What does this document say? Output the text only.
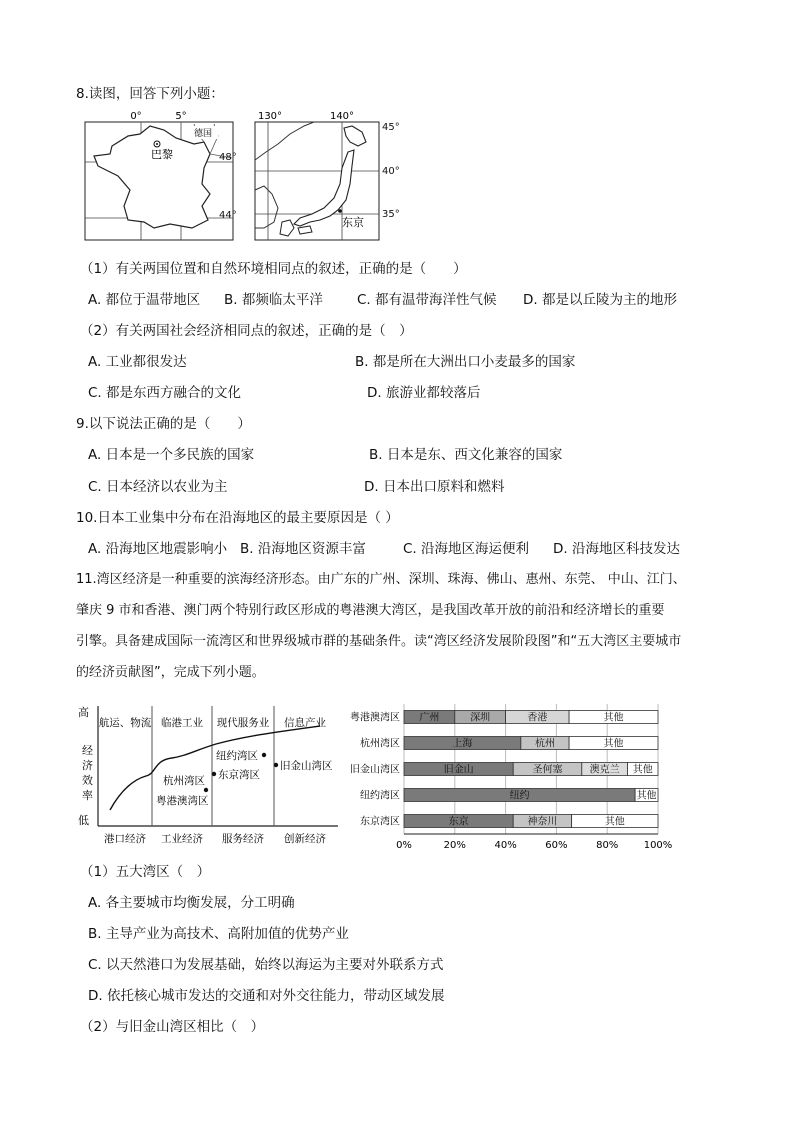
8.读图，回答下列小题：
0°	5°
巴黎
德国
48°
44°
东京
130°	140°
45°
40°
35°
（1）有关两国位置和自然环境相同点的叙述，正确的是（　　）
A. 都位于温带地区 B. 都频临太平洋	C. 都有温带海洋性气候 D. 都是以丘陵为主的地形
（2）有关两国社会经济相同点的叙述，正确的是（　）
A. 工业都很发达	B. 都是所在大洲出口小麦最多的国家
C. 都是东西方融合的文化	D. 旅游业都较落后
9.以下说法正确的是（　　）
A. 日本是一个多民族的国家	B. 日本是东、西文化兼容的国家
C. 日本经济以农业为主	D. 日本出口原料和燃料
10.日本工业集中分布在沿海地区的最主要原因是（ ）
A. 沿海地区地震影响小 B. 沿海地区资源丰富	C. 沿海地区海运便利 D. 沿海地区科技发达
11.湾区经济是一种重要的滨海经济形态。由广东的广州、深圳、珠海、佛山、惠州、东莞、 中山、江门、
肇庆 9 市和香港、澳门两个特别行政区形成的粤港澳大湾区，是我国改革开放的前沿和经济增长的重要
引擎。具备建成国际一流湾区和世界级城市群的基础条件。读“湾区经济发展阶段图”和“五大湾区主要城市
的经济贡献图”，完成下列小题。
高
经
济
效
率
低
航运、物流 临港工业 现代服务业 信息产业
港口经济 工业经济 服务经济 创新经济
纽约湾区
东京湾区
旧金山湾区
杭州湾区
粤港澳湾区
粤港澳湾区 广州	深圳	香港	其他
杭州湾区	上海	杭州	其他
旧金山湾区	旧金山	圣何塞	澳克兰 其他
纽约湾区	纽约	其他
东京湾区	东京	神奈川	其他
0%	20%	40%	60%	80%	100%
（1）五大湾区（　）
A. 各主要城市均衡发展，分工明确
B. 主导产业为高技术、高附加值的优势产业
C. 以天然港口为发展基础，始终以海运为主要对外联系方式
D. 依托核心城市发达的交通和对外交往能力，带动区域发展
（2）与旧金山湾区相比（　）
